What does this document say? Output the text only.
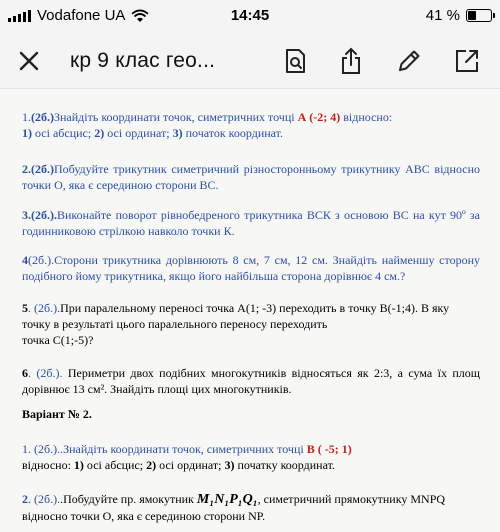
Vodafone UA	14:45	41 %
кр 9 клас гео...

1.(2б.)Знайдіть координати точок, симетричних точці А (-2; 4) відносно:
1) осі абсцис; 2) осі ординат; 3) початок координат.

2.(2б.)Побудуйте трикутник симетричний різносторонньому трикутнику АВС відносно точки О, яка є серединою сторони ВС.

3.(2б.).Виконайте поворот рівнобедреного трикутника ВСК з основою ВС на кут 90º за годинниковою стрілкою навколо точки К.

4(2б.).Сторони трикутника дорівнюють 8 см, 7 см, 12 см. Знайдіть найменшу сторону подібного йому трикутника, якщо його найбільша сторона дорівнює 4 см.?

5. (2б.).При паралельному переносі точка А(1; -3) переходить в точку В(-1;4). В яку
точку в результаті цього паралельного переносу переходить
точка С(1;-5)?

6. (2б.). Периметри двох подібних многокутників відносяться як 2:3, а сума їх площ дорівнює 13 см². Знайдіть площі цих многокутників.

Варіант № 2.

1. (2б.)..Знайдіть координати точок, симетричних точці В ( -5; 1)
відносно: 1) осі абсцис; 2) осі ординат; 3) початку координат.

2. (2б.)..Побудуйте пр. ямокутник M₁N₁P₁Q₁, симетричний прямокутнику MNPQ
відносно точки О, яка є серединою сторони NP.
